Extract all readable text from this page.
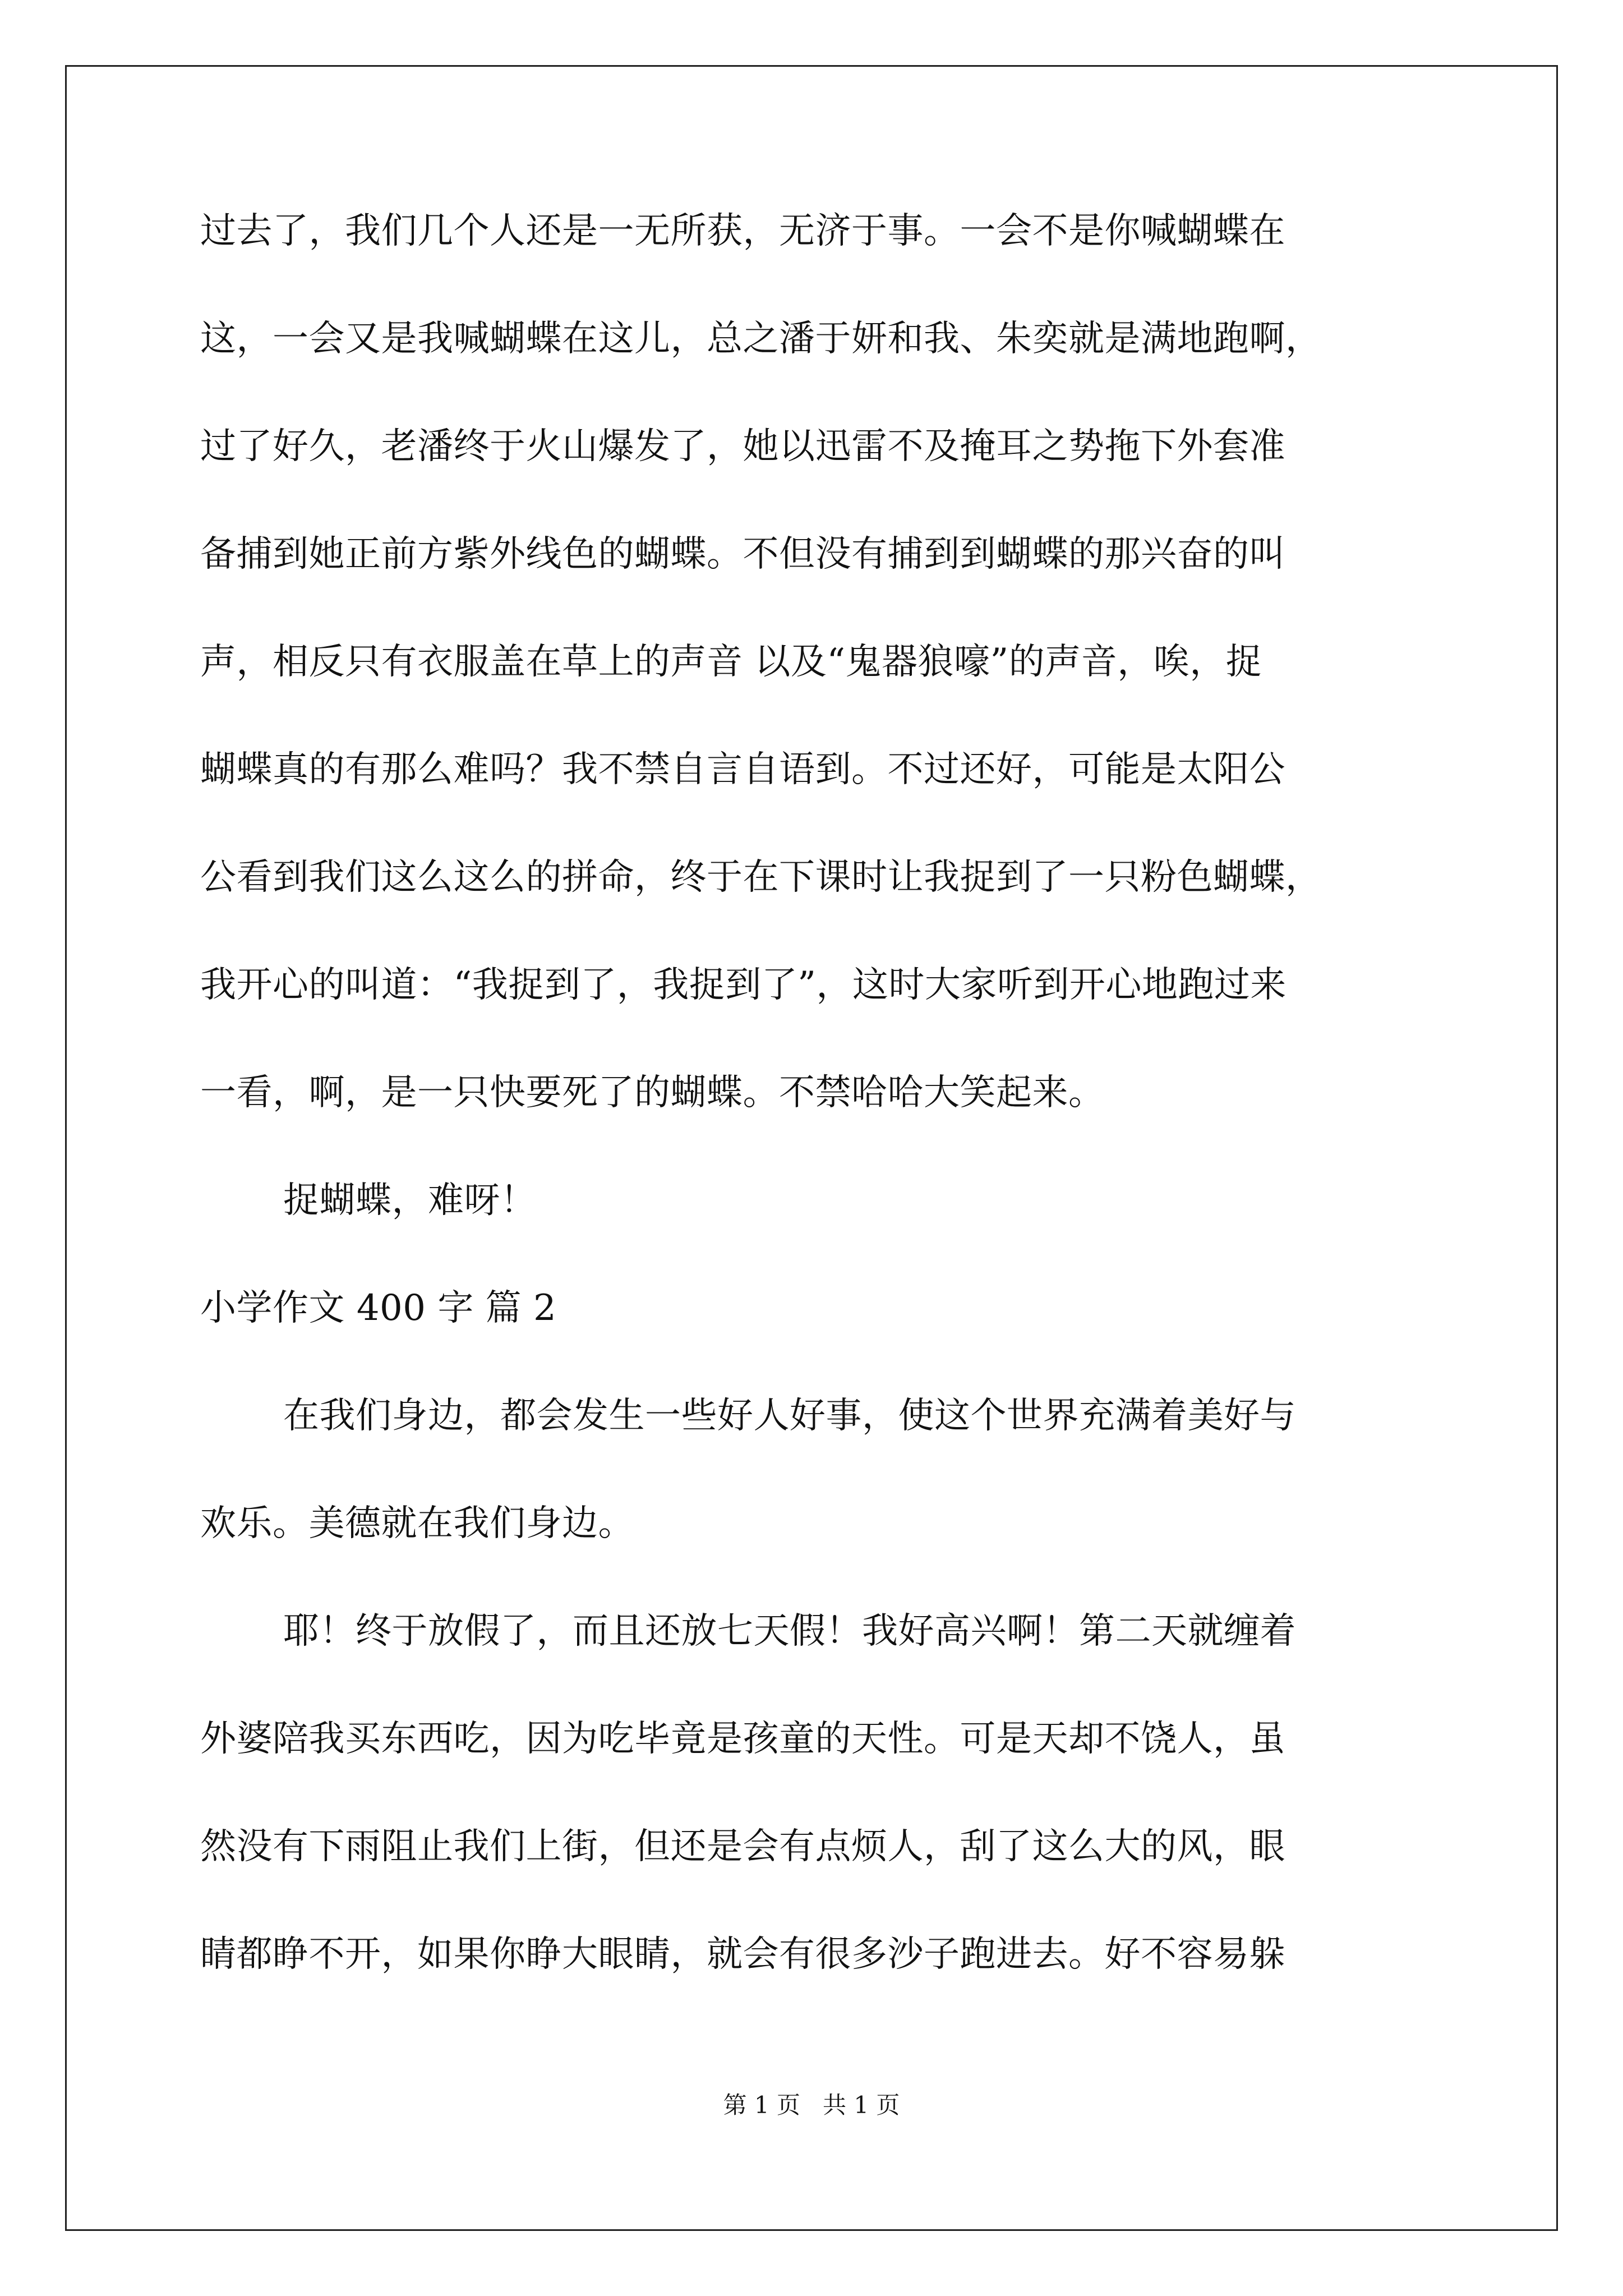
过去了，我们几个人还是一无所获，无济于事。一会不是你喊蝴蝶在
这，一会又是我喊蝴蝶在这儿，总之潘于妍和我、朱奕就是满地跑啊，
过了好久，老潘终于火山爆发了，她以迅雷不及掩耳之势拖下外套准
备捕到她正前方紫外线色的蝴蝶。不但没有捕到到蝴蝶的那兴奋的叫
声，相反只有衣服盖在草上的声音 以及“鬼器狼嚎”的声音，唉，捉
蝴蝶真的有那么难吗？我不禁自言自语到。不过还好，可能是太阳公
公看到我们这么这么的拼命，终于在下课时让我捉到了一只粉色蝴蝶，
我开心的叫道：“我捉到了，我捉到了”，这时大家听到开心地跑过来
一看，啊，是一只快要死了的蝴蝶。不禁哈哈大笑起来。
捉蝴蝶，难呀！
小学作文 400 字 篇 2
在我们身边，都会发生一些好人好事，使这个世界充满着美好与
欢乐。美德就在我们身边。
耶！终于放假了，而且还放七天假！我好高兴啊！第二天就缠着
外婆陪我买东西吃，因为吃毕竟是孩童的天性。可是天却不饶人，虽
然没有下雨阻止我们上街，但还是会有点烦人，刮了这么大的风，眼
睛都睁不开，如果你睁大眼睛，就会有很多沙子跑进去。好不容易躲
第 1 页 共 1 页
